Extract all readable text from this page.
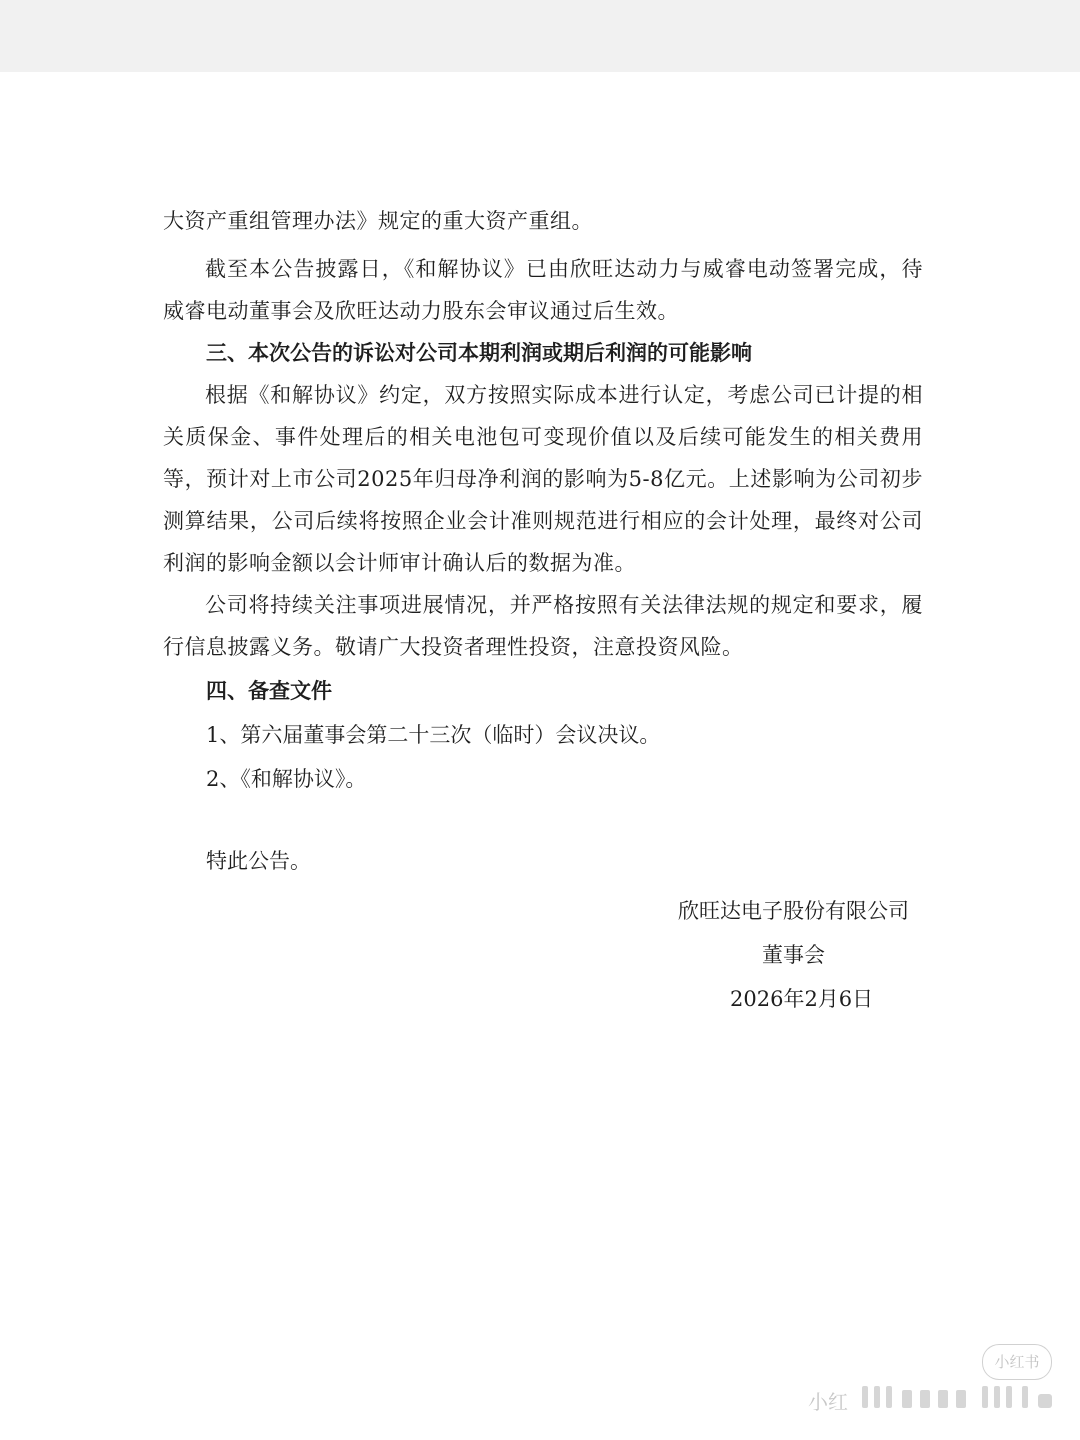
大资产重组管理办法》规定的重大资产重组。

截至本公告披露日，《和解协议》已由欣旺达动力与威睿电动签署完成，待威睿电动董事会及欣旺达动力股东会审议通过后生效。

三、本次公告的诉讼对公司本期利润或期后利润的可能影响

根据《和解协议》约定，双方按照实际成本进行认定，考虑公司已计提的相关质保金、事件处理后的相关电池包可变现价值以及后续可能发生的相关费用等，预计对上市公司2025年归母净利润的影响为5-8亿元。上述影响为公司初步测算结果，公司后续将按照企业会计准则规范进行相应的会计处理，最终对公司利润的影响金额以会计师审计确认后的数据为准。

公司将持续关注事项进展情况，并严格按照有关法律法规的规定和要求，履行信息披露义务。敬请广大投资者理性投资，注意投资风险。

四、备查文件

1、第六届董事会第二十三次（临时）会议决议。

2、《和解协议》。

特此公告。

欣旺达电子股份有限公司

董事会

2026年2月6日

小红书
小红
